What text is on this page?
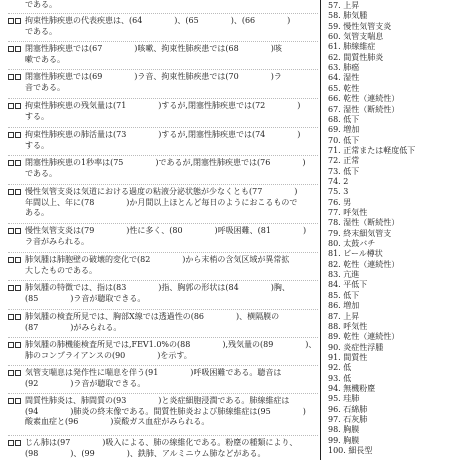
である。
拘束性肺疾患の代表疾患は、(64　　　　)、(65　　　　)、(66　　　　)
である。
閉塞性肺疾患では(67　　　　)咳嗽、拘束性肺疾患では(68　　　　)咳
嗽である。
閉塞性肺疾患では(69　　　　)ラ音、拘束性肺疾患では(70　　　　)ラ
音である。
拘束性肺疾患の残気量は(71　　　　)するが,閉塞性肺疾患では(72　　　　)
する。
拘束性肺疾患の肺活量は(73　　　　)するが,閉塞性肺疾患では(74　　　　)
する。
閉塞性肺疾患の1秒率は(75　　　　)であるが,閉塞性肺疾患では(76　　　　)
である。
慢性気管支炎は気道における過度の粘液分泌状態が少なくとも(77　　　　)
年間以上、年に(78　　　　)か月間以上ほとんど毎日のようにおこるもので
ある。
慢性気管支炎は(79　　　　)性に多く、(80　　　　)呼吸困難、(81　　　　)
ラ音がみられる。
肺気腫は肺胞壁の破壊的変化で(82　　　　)から末梢の含気区域が異常拡
大したものである。
肺気腫の特徴では、指は(83　　　　)指、胸郭の形状は(84　　　　)胸、
(85　　　　)ラ音が聴取できる。
肺気腫の検査所見では、胸部X線では透過性の(86　　　　)、横隔膜の
(87　　　　)がみられる。
肺気腫の肺機能検査所見では,FEV1.0%の(88　　　　),残気量の(89　　　　)、
肺のコンプライアンスの(90　　　　)を示す。
気管支喘息は発作性に喘息を伴う(91　　　　)呼吸困難である。聴音は
(92　　　　)ラ音が聴取できる。
間質性肺炎は、肺間質の(93　　　　)と炎症細胞浸潤である。肺線維症は
(94　　　　)肺炎の終末像である。間質性肺炎および肺線維症は(95　　　　)
酸素血症と(96　　　　)炭酸ガス血症がみられる。
じん肺は(97　　　　)吸入による、肺の線維化である。粉塵の種類により、
(98　　　　)、(99　　　　)、鉄肺、アルミニウム肺などがある。
57. 上昇
58. 肺気腫
59. 慢性気管支炎
60. 気管支喘息
61. 肺線維症
62. 間質性肺炎
63. 肺癌
64. 湿性
65. 乾性
66. 乾性（連続性）
67. 湿性（断続性）
68. 低下
69. 増加
70. 低下
71. 正常または軽度低下
72. 正常
73. 低下
74. 2
75. 3
76. 男
77. 呼気性
78. 湿性（断続性）
79. 終末細気管支
80. 太鼓バチ
81. ビール樽状
82. 乾性（連続性）
83. 亢進
84. 平低下
85. 低下
86. 増加
87. 上昇
88. 呼気性
89. 乾性（連続性）
90. 炎症性浮腫
91. 間質性
92. 低
93. 低
94. 無機粉塵
95. 珪肺
96. 石綿肺
97. 石灰肺
98. 胸膜
99. 胸膜
100. 細長型
